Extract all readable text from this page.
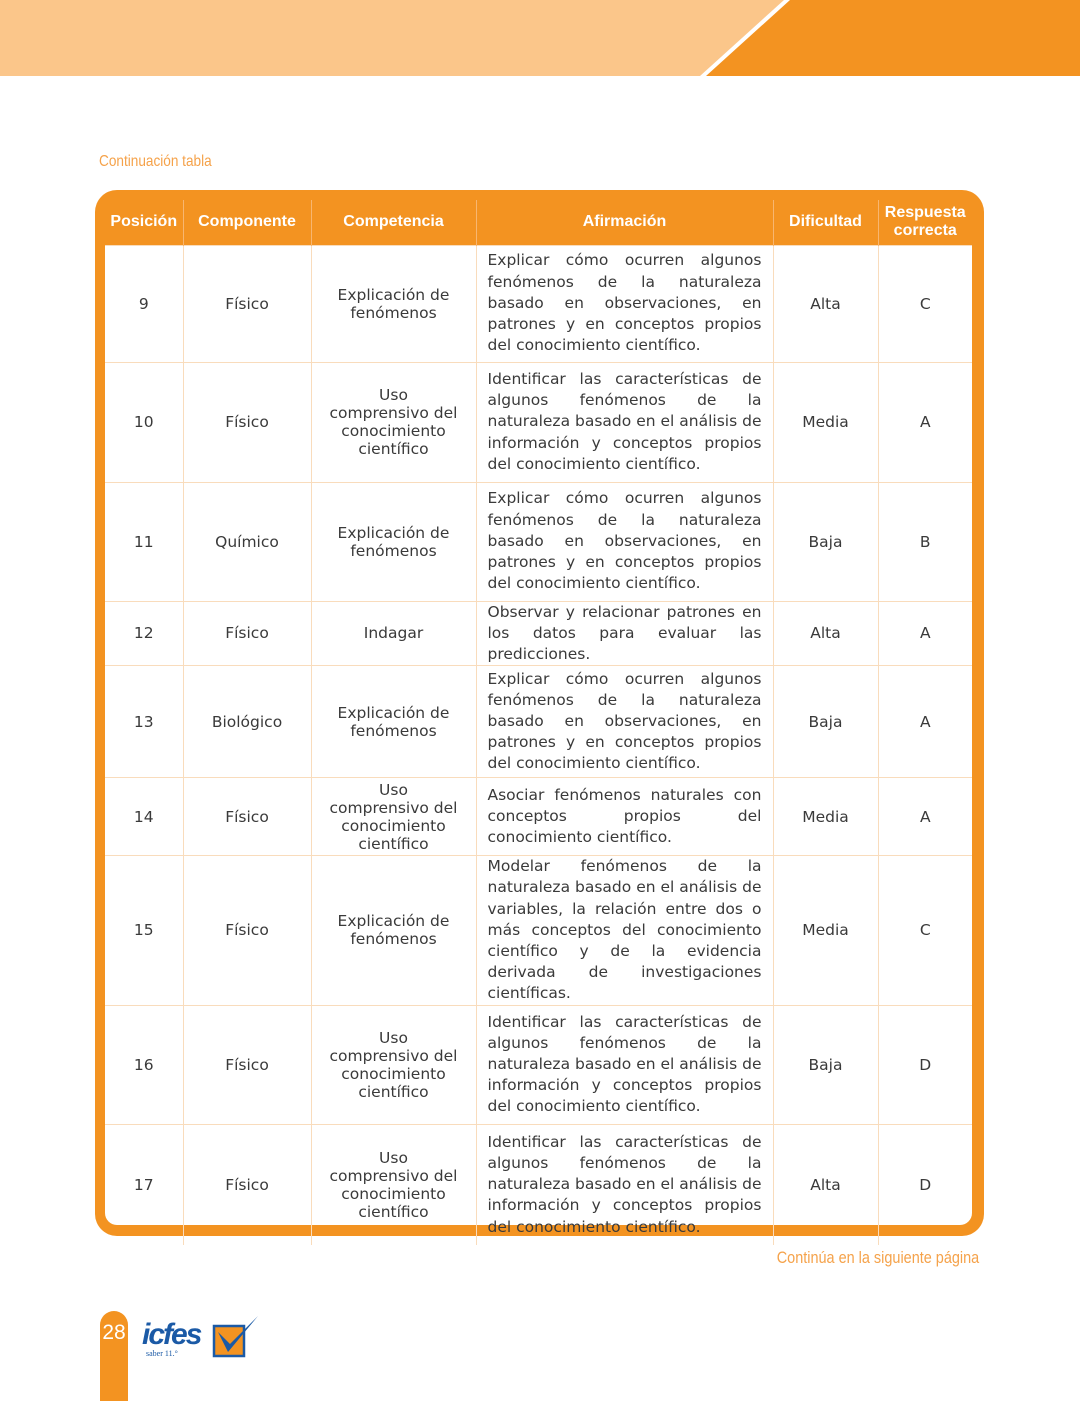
Continuación tabla
Posición	Componente	Competencia	Afirmación	Dificultad	Respuesta correcta
9	Físico	Explicación de fenómenos	Explicar cómo ocurren algunos fenómenos de la naturaleza basado en observaciones, en patrones y en conceptos propios del conocimiento científico.	Alta	C
10	Físico	Uso comprensivo del conocimiento científico	Identificar las características de algunos fenómenos de la naturaleza basado en el análisis de información y conceptos propios del conocimiento científico.	Media	A
11	Químico	Explicación de fenómenos	Explicar cómo ocurren algunos fenómenos de la naturaleza basado en observaciones, en patrones y en conceptos propios del conocimiento científico.	Baja	B
12	Físico	Indagar	Observar y relacionar patrones en los datos para evaluar las predicciones.	Alta	A
13	Biológico	Explicación de fenómenos	Explicar cómo ocurren algunos fenómenos de la naturaleza basado en observaciones, en patrones y en conceptos propios del conocimiento científico.	Baja	A
14	Físico	Uso comprensivo del conocimiento científico	Asociar fenómenos naturales con conceptos propios del conocimiento científico.	Media	A
15	Físico	Explicación de fenómenos	Modelar fenómenos de la naturaleza basado en el análisis de variables, la relación entre dos o más conceptos del conocimiento científico y de la evidencia derivada de investigaciones científicas.	Media	C
16	Físico	Uso comprensivo del conocimiento científico	Identificar las características de algunos fenómenos de la naturaleza basado en el análisis de información y conceptos propios del conocimiento científico.	Baja	D
17	Físico	Uso comprensivo del conocimiento científico	Identificar las características de algunos fenómenos de la naturaleza basado en el análisis de información y conceptos propios del conocimiento científico.	Alta	D
Continúa en la siguiente página
28 icfes
saber 11.°
